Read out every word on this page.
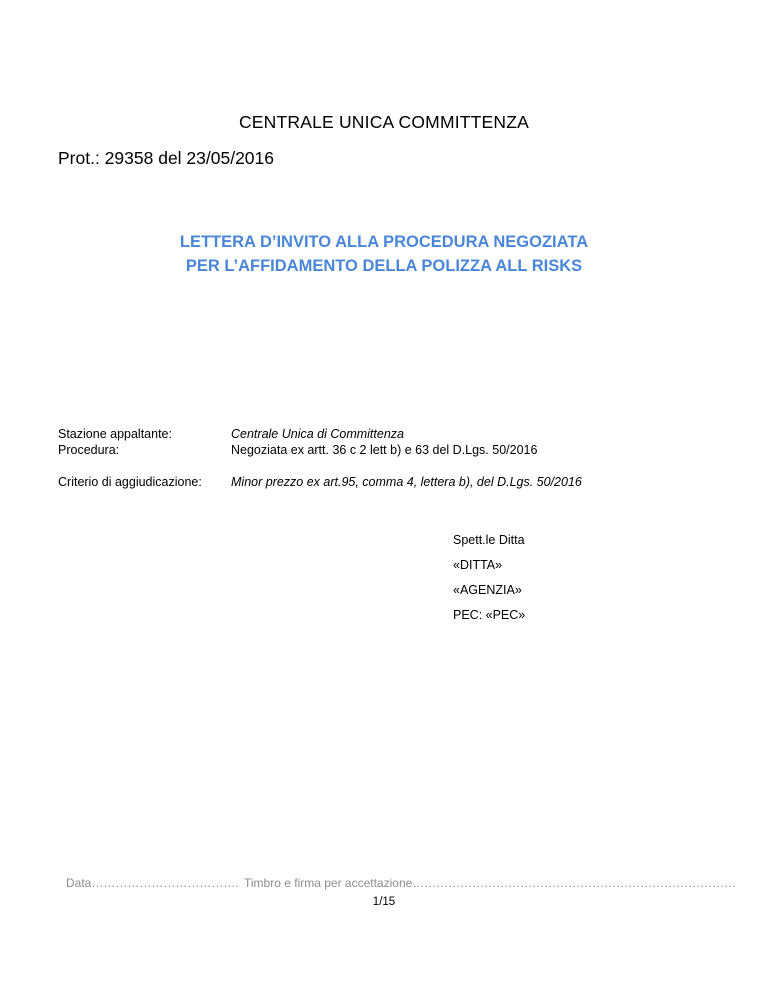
CENTRALE UNICA COMMITTENZA
Prot.: 29358 del 23/05/2016
LETTERA D’INVITO ALLA PROCEDURA NEGOZIATA
PER L’AFFIDAMENTO DELLA POLIZZA ALL RISKS
Stazione appaltante:	Centrale Unica di Committenza
Procedura:	Negoziata ex artt. 36 c 2 lett b) e 63 del D.Lgs. 50/2016
Criterio di aggiudicazione:	Minor prezzo ex art.95, comma 4, lettera b), del D.Lgs. 50/2016
Spett.le Ditta
«DITTA»
«AGENZIA»
PEC: «PEC»
Data………………………………. Timbro e firma per accettazione………………………………………………………………………
1/15
